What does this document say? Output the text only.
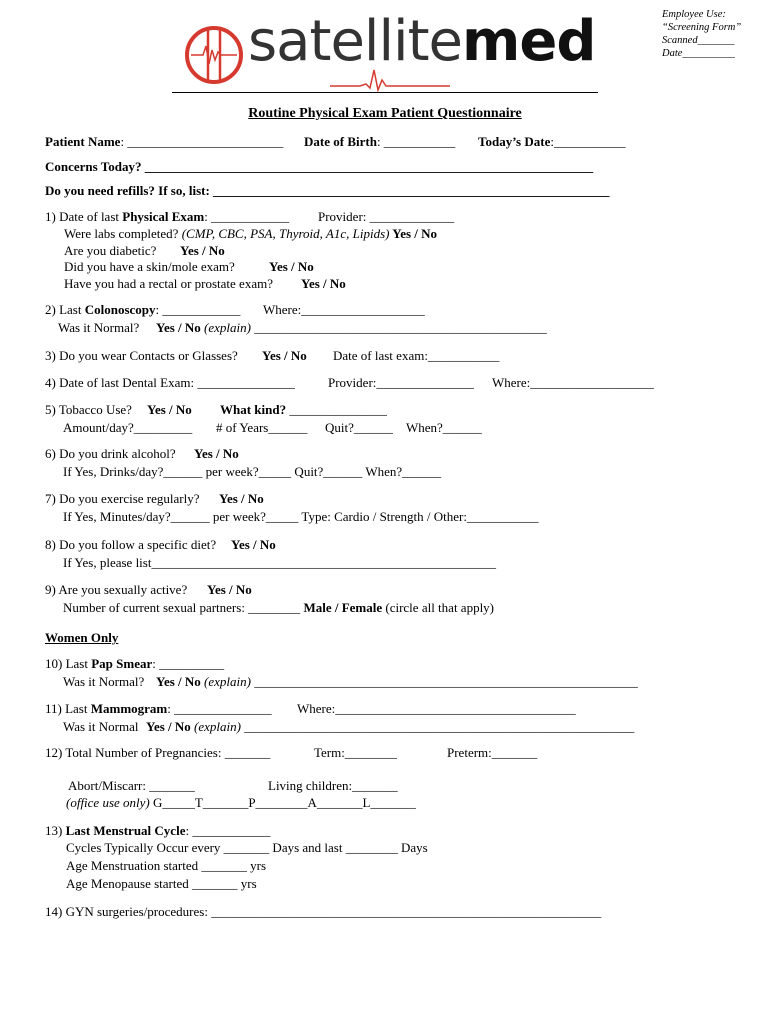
satellitemed	Employee Use:
“Screening Form”
Scanned_______
Date__________
Routine Physical Exam Patient Questionnaire
Patient Name: ________________________ Date of Birth: ___________ Today’s Date:___________
Concerns Today? _____________________________________________________________________
Do you need refills? If so, list: _____________________________________________________________
1) Date of last Physical Exam: ____________ Provider: _____________
Were labs completed? (CMP, CBC, PSA, Thyroid, A1c, Lipids) Yes / No
Are you diabetic? Yes / No
Did you have a skin/mole exam?	Yes / No
Have you had a rectal or prostate exam? Yes / No
2) Last Colonoscopy: ____________ Where:___________________
Was it Normal? Yes / No (explain) _____________________________________________
3) Do you wear Contacts or Glasses? Yes / No Date of last exam:___________
4) Date of last Dental Exam: _______________	Provider:_______________ Where:___________________
5) Tobacco Use? Yes / No What kind? _______________
Amount/day?_________ # of Years______ Quit?______ When?______
6) Do you drink alcohol? Yes / No
If Yes, Drinks/day?______ per week?_____ Quit?______ When?______
7) Do you exercise regularly? Yes / No
If Yes, Minutes/day?______ per week?_____ Type: Cardio / Strength / Other:___________
8) Do you follow a specific diet? Yes / No
If Yes, please list_____________________________________________________
9) Are you sexually active? Yes / No
Number of current sexual partners: ________ Male / Female (circle all that apply)
Women Only
10) Last Pap Smear: __________
Was it Normal? Yes / No (explain) ___________________________________________________________
11) Last Mammogram: _______________ Where:_____________________________________
Was it Normal Yes / No (explain) ____________________________________________________________
12) Total Number of Pregnancies: _______	Term:________	Preterm:_______
Abort/Miscarr: _______	Living children:_______
(office use only) G_____T_______P________A_______L_______
13) Last Menstrual Cycle: ____________
Cycles Typically Occur every _______ Days and last ________ Days
Age Menstruation started _______ yrs
Age Menopause started _______ yrs
14) GYN surgeries/procedures: ____________________________________________________________
